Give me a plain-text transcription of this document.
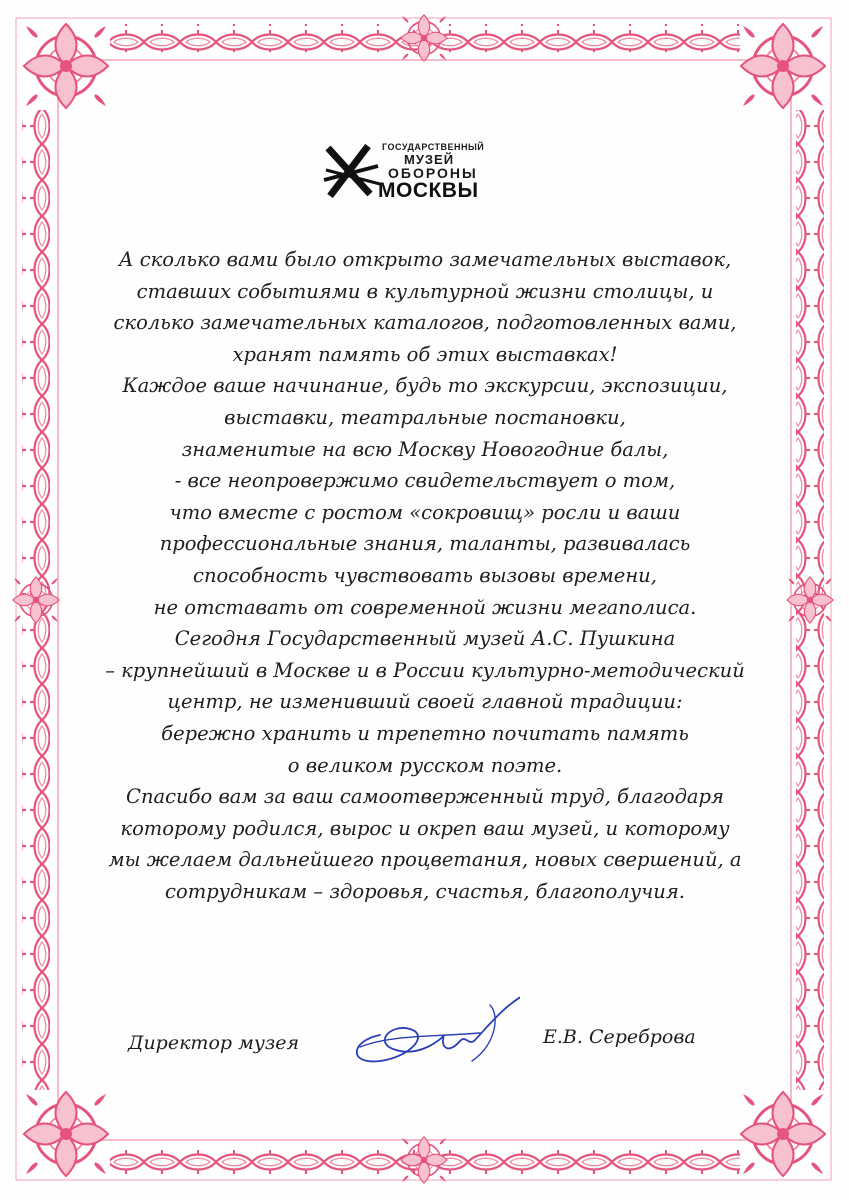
ГОСУДАРСТВЕННЫЙ
МУЗЕЙ
ОБОРОНЫ
МОСКВЫ
А сколько вами было открыто замечательных выставок,
ставших событиями в культурной жизни столицы, и
сколько замечательных каталогов, подготовленных вами,
хранят память об этих выставках!
Каждое ваше начинание, будь то экскурсии, экспозиции,
выставки, театральные постановки,
знаменитые на всю Москву Новогодние балы,
- все неопровержимо свидетельствует о том,
что вместе с ростом «сокровищ» росли и ваши
профессиональные знания, таланты, развивалась
способность чувствовать вызовы времени,
не отставать от современной жизни мегаполиса.
Сегодня Государственный музей А.С. Пушкина
– крупнейший в Москве и в России культурно-методический
центр, не изменивший своей главной традиции:
бережно хранить и трепетно почитать память
о великом русском поэте.
Спасибо вам за ваш самоотверженный труд, благодаря
которому родился, вырос и окреп ваш музей, и которому
мы желаем дальнейшего процветания, новых свершений, а
сотрудникам – здоровья, счастья, благополучия.
Директор музея	Е.В. Сереброва
